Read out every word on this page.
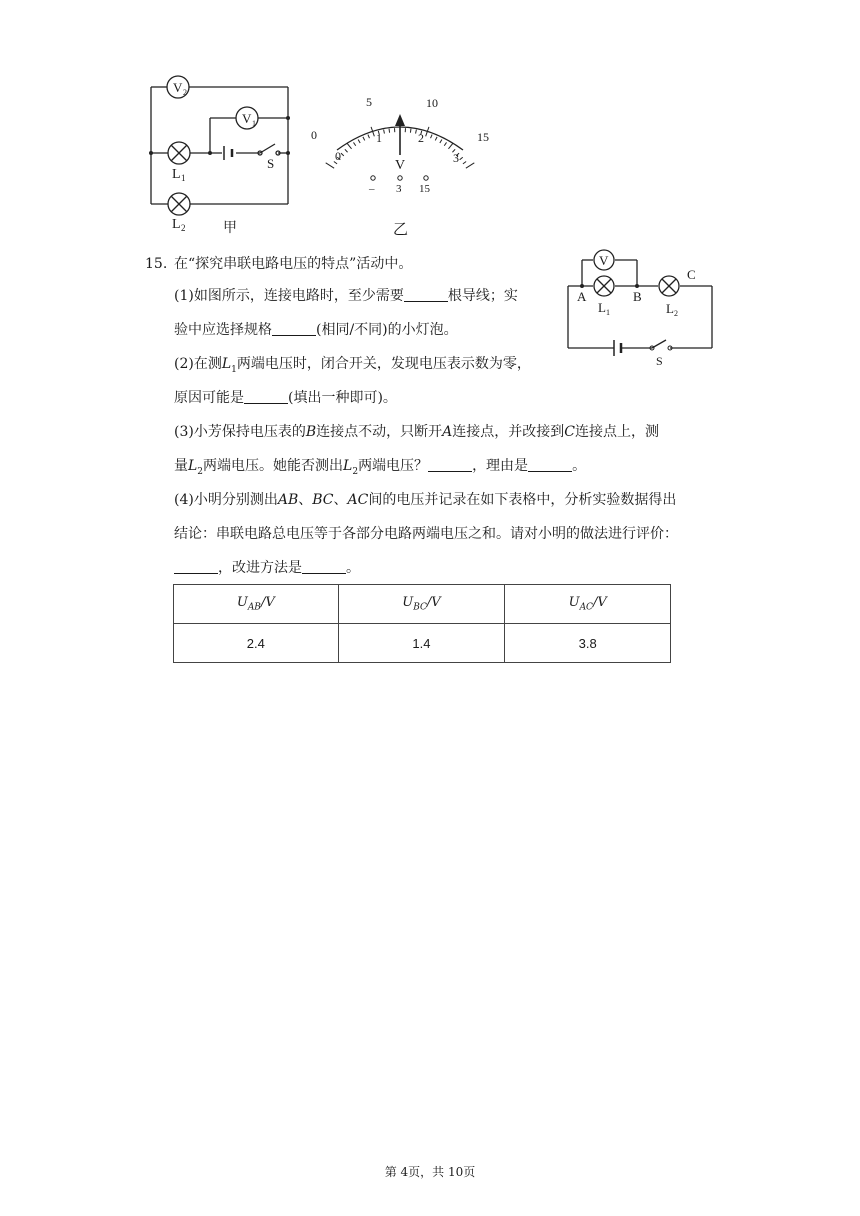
V 2
V 1
L 1
L 2
S
甲
0
5	10
15
0
1	2
3
V
– 3 15
乙
V
A	B
C
L 1	L 2
S
15. 在“探究串联电路电压的特点”活动中。
(1)如图所示，连接电路时，至少需要	根导线；实
验中应选择规格	(相同/不同)的小灯泡。
(2)在测$L_1$两端电压时，闭合开关，发现电压表示数为零，
原因可能是	(填出一种即可)。
(3)小芳保持电压表的B连接点不动，只断开A连接点，并改接到C连接点上，测
量$L_2$两端电压。她能否测出$L_2$两端电压？	，理由是	。
(4)小明分别测出AB、BC、AC间的电压并记录在如下表格中，分析实验数据得出
结论：串联电路总电压等于各部分电路两端电压之和。请对小明的做法进行评价：
，改进方法是	。
$U_{AB}/V$	$U_{BC}/V$	$U_{AC}/V$
2.4	1.4	3.8
第 4页，共 10页
